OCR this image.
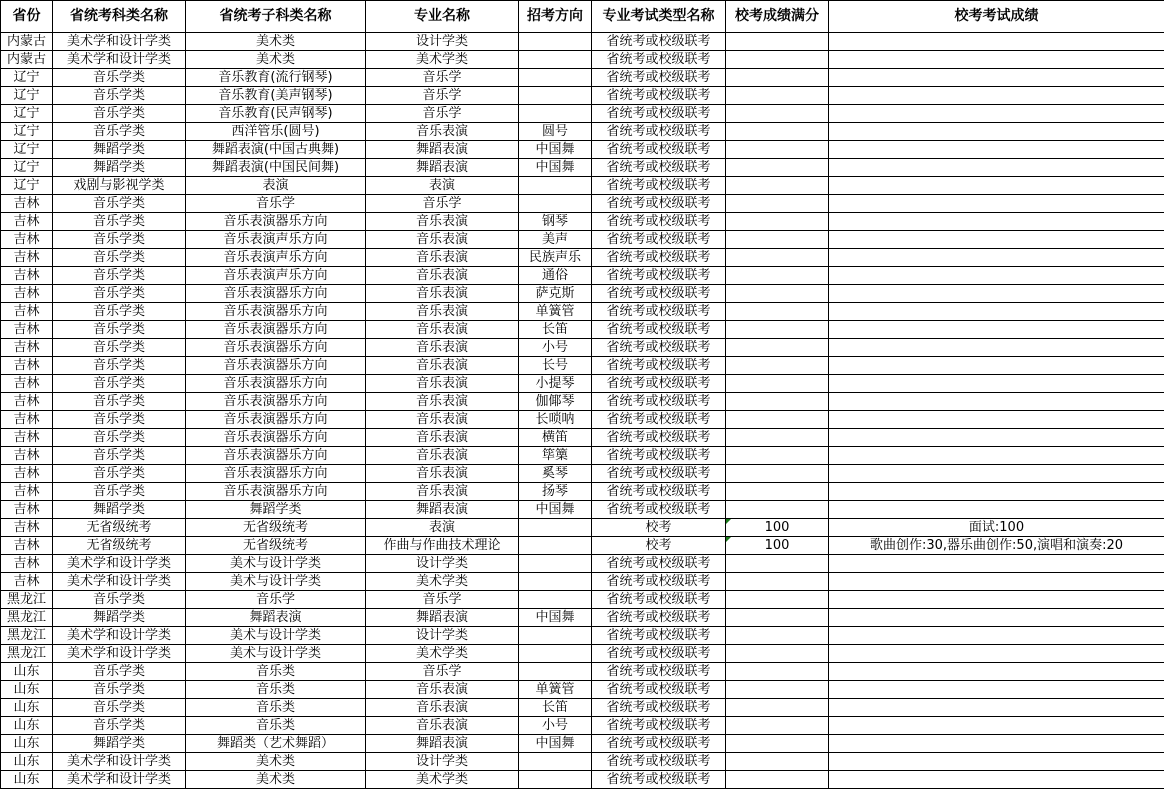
省份	省统考科类名称	省统考子科类名称	专业名称	招考方向	专业考试类型名称	校考成绩满分	校考考试成绩
内蒙古	美术学和设计学类	美术类	设计学类		省统考或校级联考		
内蒙古	美术学和设计学类	美术类	美术学类		省统考或校级联考		
辽宁	音乐学类	音乐教育(流行钢琴)	音乐学		省统考或校级联考		
辽宁	音乐学类	音乐教育(美声钢琴)	音乐学		省统考或校级联考		
辽宁	音乐学类	音乐教育(民声钢琴)	音乐学		省统考或校级联考		
辽宁	音乐学类	西洋管乐(圆号)	音乐表演	圆号	省统考或校级联考		
辽宁	舞蹈学类	舞蹈表演(中国古典舞)	舞蹈表演	中国舞	省统考或校级联考		
辽宁	舞蹈学类	舞蹈表演(中国民间舞)	舞蹈表演	中国舞	省统考或校级联考		
辽宁	戏剧与影视学类	表演	表演		省统考或校级联考		
吉林	音乐学类	音乐学	音乐学		省统考或校级联考		
吉林	音乐学类	音乐表演器乐方向	音乐表演	钢琴	省统考或校级联考		
吉林	音乐学类	音乐表演声乐方向	音乐表演	美声	省统考或校级联考		
吉林	音乐学类	音乐表演声乐方向	音乐表演	民族声乐	省统考或校级联考		
吉林	音乐学类	音乐表演声乐方向	音乐表演	通俗	省统考或校级联考		
吉林	音乐学类	音乐表演器乐方向	音乐表演	萨克斯	省统考或校级联考		
吉林	音乐学类	音乐表演器乐方向	音乐表演	单簧管	省统考或校级联考		
吉林	音乐学类	音乐表演器乐方向	音乐表演	长笛	省统考或校级联考		
吉林	音乐学类	音乐表演器乐方向	音乐表演	小号	省统考或校级联考		
吉林	音乐学类	音乐表演器乐方向	音乐表演	长号	省统考或校级联考		
吉林	音乐学类	音乐表演器乐方向	音乐表演	小提琴	省统考或校级联考		
吉林	音乐学类	音乐表演器乐方向	音乐表演	伽倻琴	省统考或校级联考		
吉林	音乐学类	音乐表演器乐方向	音乐表演	长唢呐	省统考或校级联考		
吉林	音乐学类	音乐表演器乐方向	音乐表演	横笛	省统考或校级联考		
吉林	音乐学类	音乐表演器乐方向	音乐表演	筚篥	省统考或校级联考		
吉林	音乐学类	音乐表演器乐方向	音乐表演	奚琴	省统考或校级联考		
吉林	音乐学类	音乐表演器乐方向	音乐表演	扬琴	省统考或校级联考		
吉林	舞蹈学类	舞蹈学类	舞蹈表演	中国舞	省统考或校级联考		
吉林	无省级统考	无省级统考	表演		校考	100	面试:100
吉林	无省级统考	无省级统考	作曲与作曲技术理论		校考	100	歌曲创作:30,器乐曲创作:50,演唱和演奏:20
吉林	美术学和设计学类	美术与设计学类	设计学类		省统考或校级联考		
吉林	美术学和设计学类	美术与设计学类	美术学类		省统考或校级联考		
黑龙江	音乐学类	音乐学	音乐学		省统考或校级联考		
黑龙江	舞蹈学类	舞蹈表演	舞蹈表演	中国舞	省统考或校级联考		
黑龙江	美术学和设计学类	美术与设计学类	设计学类		省统考或校级联考		
黑龙江	美术学和设计学类	美术与设计学类	美术学类		省统考或校级联考		
山东	音乐学类	音乐类	音乐学		省统考或校级联考		
山东	音乐学类	音乐类	音乐表演	单簧管	省统考或校级联考		
山东	音乐学类	音乐类	音乐表演	长笛	省统考或校级联考		
山东	音乐学类	音乐类	音乐表演	小号	省统考或校级联考		
山东	舞蹈学类	舞蹈类（艺术舞蹈）	舞蹈表演	中国舞	省统考或校级联考		
山东	美术学和设计学类	美术类	设计学类		省统考或校级联考		
山东	美术学和设计学类	美术类	美术学类		省统考或校级联考		
